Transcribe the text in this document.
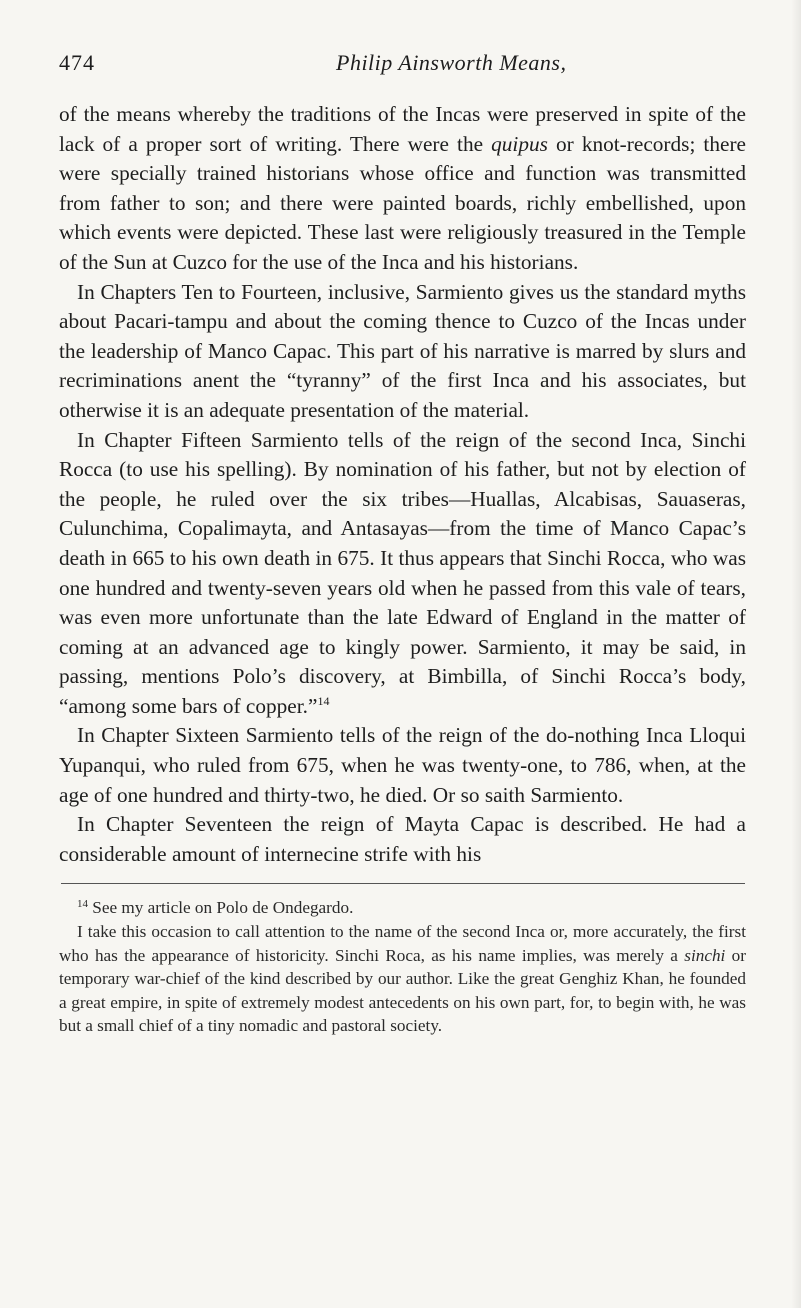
474	Philip Ainsworth Means,

of the means whereby the traditions of the Incas were preserved in spite of the lack of a proper sort of writing. There were the quipus or knot-records; there were specially trained historians whose office and function was transmitted from father to son; and there were painted boards, richly embellished, upon which events were depicted. These last were religiously treasured in the Temple of the Sun at Cuzco for the use of the Inca and his historians.

In Chapters Ten to Fourteen, inclusive, Sarmiento gives us the standard myths about Pacari-tampu and about the coming thence to Cuzco of the Incas under the leadership of Manco Capac. This part of his narrative is marred by slurs and recriminations anent the “tyranny” of the first Inca and his associates, but otherwise it is an adequate presentation of the material.

In Chapter Fifteen Sarmiento tells of the reign of the second Inca, Sinchi Rocca (to use his spelling). By nomination of his father, but not by election of the people, he ruled over the six tribes—Huallas, Alcabisas, Sauaseras, Culunchima, Copalimayta, and Antasayas—from the time of Manco Capac’s death in 665 to his own death in 675. It thus appears that Sinchi Rocca, who was one hundred and twenty-seven years old when he passed from this vale of tears, was even more unfortunate than the late Edward of England in the matter of coming at an advanced age to kingly power. Sarmiento, it may be said, in passing, mentions Polo’s discovery, at Bimbilla, of Sinchi Rocca’s body, “among some bars of copper.”$^{14}$

In Chapter Sixteen Sarmiento tells of the reign of the do-nothing Inca Lloqui Yupanqui, who ruled from 675, when he was twenty-one, to 786, when, at the age of one hundred and thirty-two, he died. Or so saith Sarmiento.

In Chapter Seventeen the reign of Mayta Capac is described. He had a considerable amount of internecine strife with his

$^{14}$ See my article on Polo de Ondegardo.

I take this occasion to call attention to the name of the second Inca or, more accurately, the first who has the appearance of historicity. Sinchi Roca, as his name implies, was merely a sinchi or temporary war-chief of the kind described by our author. Like the great Genghiz Khan, he founded a great empire, in spite of extremely modest antecedents on his own part, for, to begin with, he was but a small chief of a tiny nomadic and pastoral society.
